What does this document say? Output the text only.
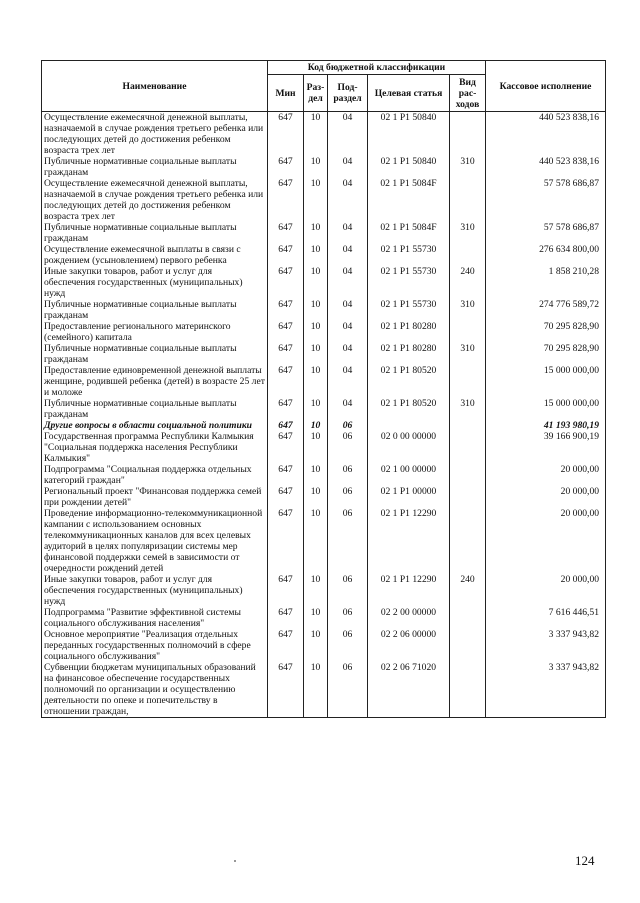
Наименование	Код бюджетной классификации					Кассовое исполнение
	Мин	Раз-дел	Под-раздел	Целевая статья	Вид рас-ходов	
Осуществление ежемесячной денежной выплаты, назначаемой в случае рождения третьего ребенка или последующих детей до достижения ребенком возраста трех лет	647	10	04	02 1 P1 50840		440 523 838,16
Публичные нормативные социальные выплаты гражданам	647	10	04	02 1 P1 50840	310	440 523 838,16
Осуществление ежемесячной денежной выплаты, назначаемой в случае рождения третьего ребенка или последующих детей до достижения ребенком возраста трех лет	647	10	04	02 1 P1 5084F		57 578 686,87
Публичные нормативные социальные выплаты гражданам	647	10	04	02 1 P1 5084F	310	57 578 686,87
Осуществление ежемесячной выплаты в связи с рождением (усыновлением) первого ребенка	647	10	04	02 1 P1 55730		276 634 800,00
Иные закупки товаров, работ и услуг для обеспечения государственных (муниципальных) нужд	647	10	04	02 1 P1 55730	240	1 858 210,28
Публичные нормативные социальные выплаты гражданам	647	10	04	02 1 P1 55730	310	274 776 589,72
Предоставление регионального материнского (семейного) капитала	647	10	04	02 1 P1 80280		70 295 828,90
Публичные нормативные социальные выплаты гражданам	647	10	04	02 1 P1 80280	310	70 295 828,90
Предоставление единовременной денежной выплаты женщине, родившей ребенка (детей) в возрасте 25 лет и моложе	647	10	04	02 1 P1 80520		15 000 000,00
Публичные нормативные социальные выплаты гражданам	647	10	04	02 1 P1 80520	310	15 000 000,00
Другие вопросы в области социальной политики	647	10	06			41 193 980,19
Государственная программа Республики Калмыкия "Социальная поддержка населения Республики Калмыкия"	647	10	06	02 0 00 00000		39 166 900,19
Подпрограмма "Социальная поддержка отдельных категорий граждан"	647	10	06	02 1 00 00000		20 000,00
Региональный проект "Финансовая поддержка семей при рождении детей"	647	10	06	02 1 P1 00000		20 000,00
Проведение информационно-телекоммуникационной кампании с использованием основных телекоммуникационных каналов для всех целевых аудиторий в целях популяризации системы мер финансовой поддержки семей в зависимости от очередности рождений детей	647	10	06	02 1 P1 12290		20 000,00
Иные закупки товаров, работ и услуг для обеспечения государственных (муниципальных) нужд	647	10	06	02 1 P1 12290	240	20 000,00
Подпрограмма "Развитие эффективной системы социального обслуживания населения"	647	10	06	02 2 00 00000		7 616 446,51
Основное мероприятие "Реализация отдельных переданных государственных полномочий в сфере социального обслуживания"	647	10	06	02 2 06 00000		3 337 943,82
Субвенции бюджетам муниципальных образований на финансовое обеспечение государственных полномочий по организации и осуществлению деятельности по опеке и попечительству в отношении граждан,	647	10	06	02 2 06 71020		3 337 943,82
124
